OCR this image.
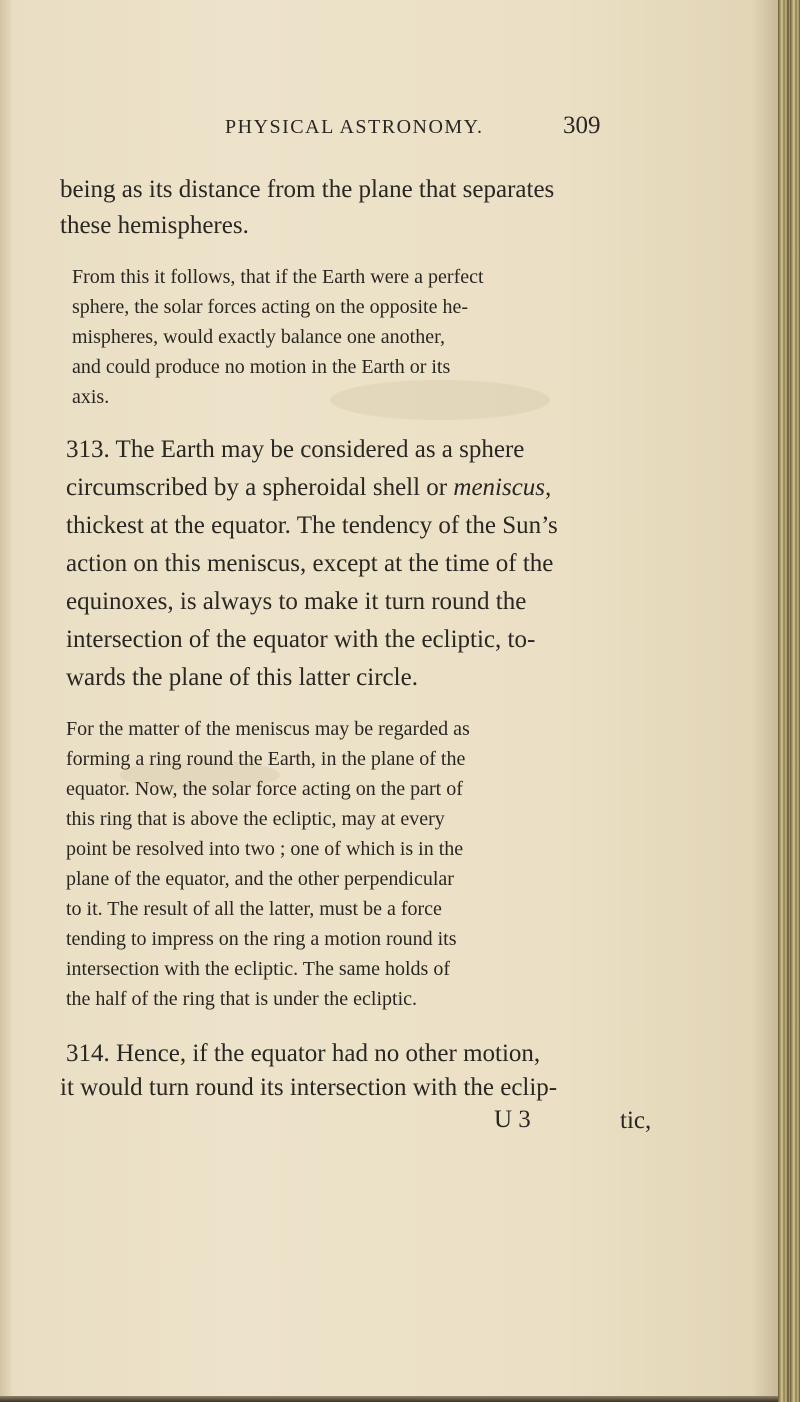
PHYSICAL ASTRONOMY.	309
being as its distance from the plane that separates
these hemispheres.
From this it follows, that if the Earth were a perfect
sphere, the solar forces acting on the opposite he-
mispheres, would exactly balance one another,
and could produce no motion in the Earth or its
axis.
313. The Earth may be considered as a sphere
circumscribed by a spheroidal shell or meniscus,
thickest at the equator. The tendency of the Sun’s
action on this meniscus, except at the time of the
equinoxes, is always to make it turn round the
intersection of the equator with the ecliptic, to-
wards the plane of this latter circle.
For the matter of the meniscus may be regarded as
forming a ring round the Earth, in the plane of the
equator. Now, the solar force acting on the part of
this ring that is above the ecliptic, may at every
point be resolved into two ; one of which is in the
plane of the equator, and the other perpendicular
to it. The result of all the latter, must be a force
tending to impress on the ring a motion round its
intersection with the ecliptic. The same holds of
the half of the ring that is under the ecliptic.
314. Hence, if the equator had no other motion,
it would turn round its intersection with the eclip-
U 3	tic,
